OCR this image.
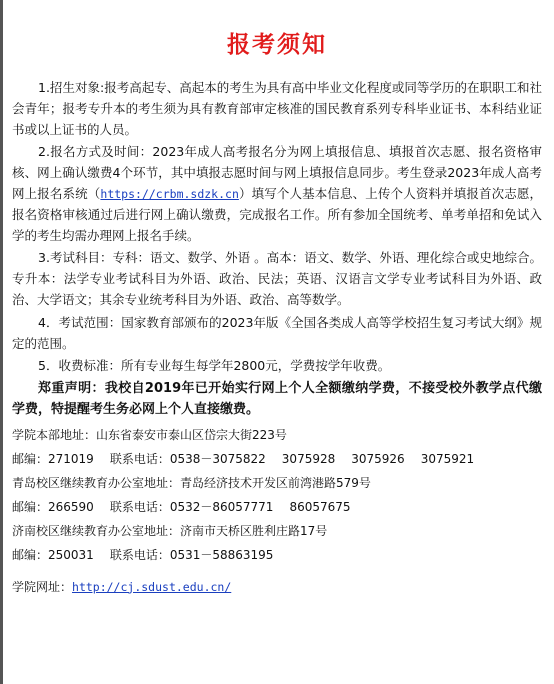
报考须知

1.招生对象:报考高起专、高起本的考生为具有高中毕业文化程度或同等学历的在职职工和社会青年；报考专升本的考生须为具有教育部审定核准的国民教育系列专科毕业证书、本科结业证书或以上证书的人员。

2.报名方式及时间：2023年成人高考报名分为网上填报信息、填报首次志愿、报名资格审核、网上确认缴费4个环节，其中填报志愿时间与网上填报信息同步。考生登录2023年成人高考网上报名系统（https://crbm.sdzk.cn）填写个人基本信息、上传个人资料并填报首次志愿，报名资格审核通过后进行网上确认缴费，完成报名工作。所有参加全国统考、单考单招和免试入学的考生均需办理网上报名手续。

3.考试科目：专科：语文、数学、外语 。高本：语文、数学、外语、理化综合或史地综合。专升本：法学专业考试科目为外语、政治、民法；英语、汉语言文学专业考试科目为外语、政治、大学语文；其余专业统考科目为外语、政治、高等数学。

4．考试范围：国家教育部颁布的2023年版《全国各类成人高等学校招生复习考试大纲》规定的范围。

5．收费标准：所有专业每生每学年2800元，学费按学年收费。

郑重声明：我校自2019年已开始实行网上个人全额缴纳学费，不接受校外教学点代缴学费，特提醒考生务必网上个人直接缴费。

学院本部地址：山东省泰安市泰山区岱宗大街223号

邮编：271019 联系电话：0538－3075822 3075928 3075926 3075921

青岛校区继续教育办公室地址：青岛经济技术开发区前湾港路579号

邮编：266590 联系电话：0532－86057771 86057675

济南校区继续教育办公室地址：济南市天桥区胜利庄路17号

邮编：250031 联系电话：0531－58863195

学院网址：http://cj.sdust.edu.cn/
